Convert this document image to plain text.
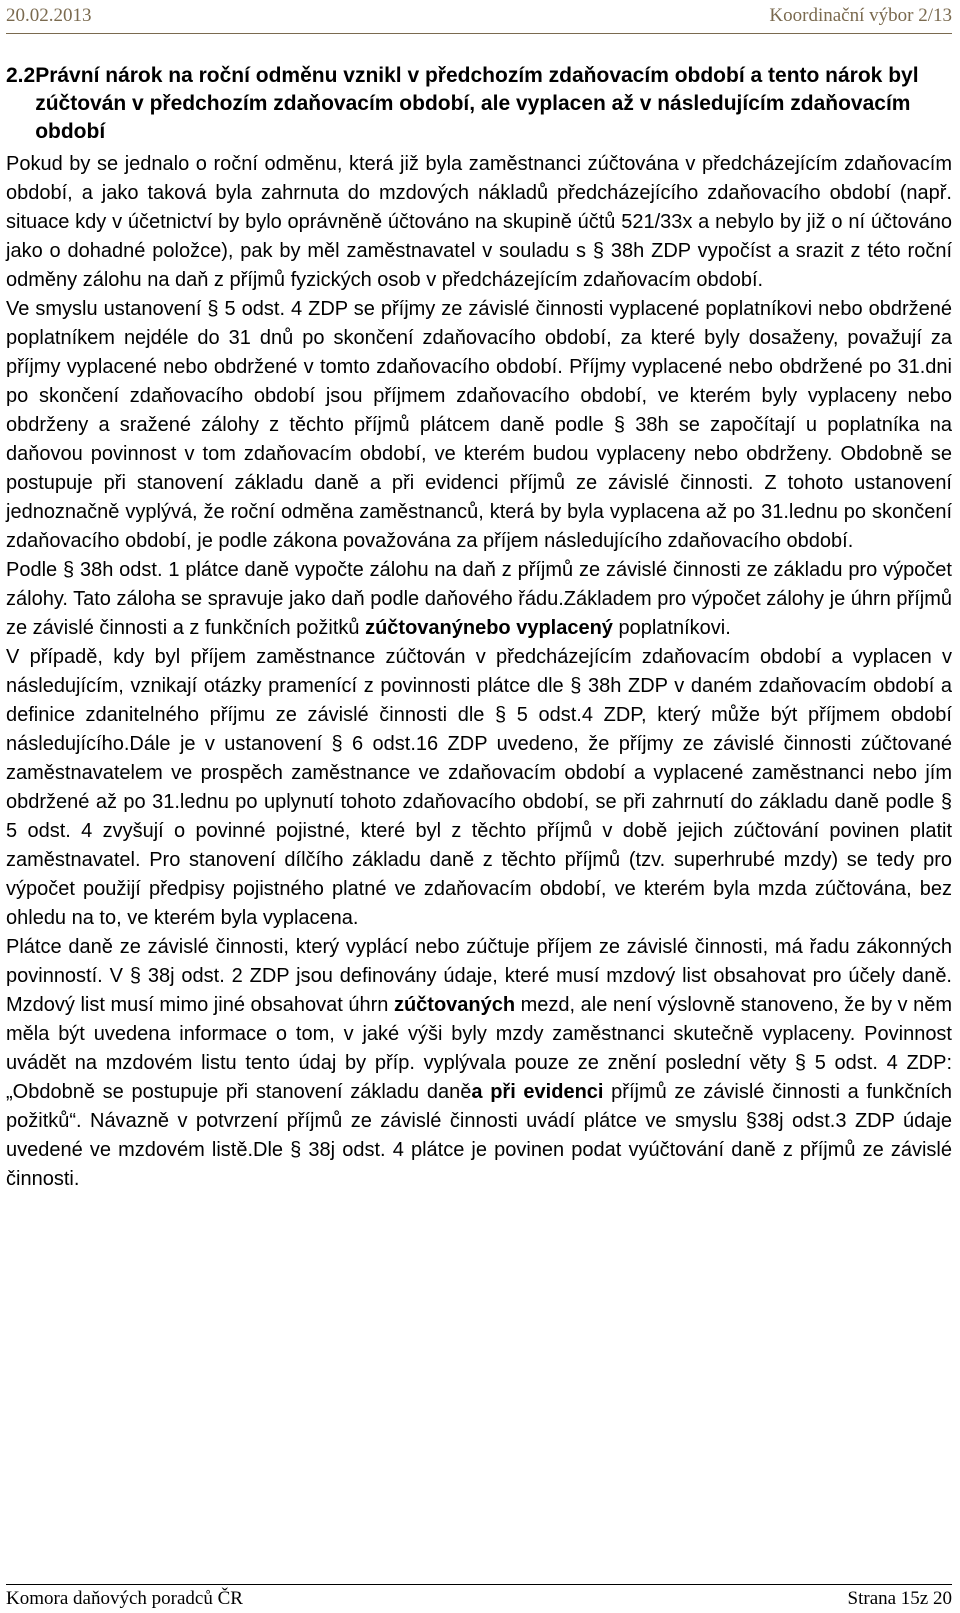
20.02.2013	Koordinační výbor 2/13
2.2 Právní nárok na roční odměnu vznikl v předchozím zdaňovacím období a tento nárok byl zúčtován v předchozím zdaňovacím období, ale vyplacen až v následujícím zdaňovacím období

Pokud by se jednalo o roční odměnu, která již byla zaměstnanci zúčtována v předcházejícím zdaňovacím období, a jako taková byla zahrnuta do mzdových nákladů předcházejícího zdaňovacího období (např. situace kdy v účetnictví by bylo oprávněně účtováno na skupině účtů 521/33x a nebylo by již o ní účtováno jako o dohadné položce), pak by měl zaměstnavatel v souladu s § 38h ZDP vypočíst a srazit z této roční odměny zálohu na daň z příjmů fyzických osob v předcházejícím zdaňovacím období.

Ve smyslu ustanovení § 5 odst. 4 ZDP se příjmy ze závislé činnosti vyplacené poplatníkovi nebo obdržené poplatníkem nejdéle do 31 dnů po skončení zdaňovacího období, za které byly dosaženy, považují za příjmy vyplacené nebo obdržené v tomto zdaňovacího období. Příjmy vyplacené nebo obdržené po 31.dni po skončení zdaňovacího období jsou příjmem zdaňovacího období, ve kterém byly vyplaceny nebo obdrženy a sražené zálohy z těchto příjmů plátcem daně podle § 38h se započítají u poplatníka na daňovou povinnost v tom zdaňovacím období, ve kterém budou vyplaceny nebo obdrženy. Obdobně se postupuje při stanovení základu daně a při evidenci příjmů ze závislé činnosti. Z tohoto ustanovení jednoznačně vyplývá, že roční odměna zaměstnanců, která by byla vyplacena až po 31.lednu po skončení zdaňovacího období, je podle zákona považována za příjem následujícího zdaňovacího období.

Podle § 38h odst. 1 plátce daně vypočte zálohu na daň z příjmů ze závislé činnosti ze základu pro výpočet zálohy. Tato záloha se spravuje jako daň podle daňového řádu.Základem pro výpočet zálohy je úhrn příjmů ze závislé činnosti a z funkčních požitků zúčtovanýnebo vyplacený poplatníkovi.

V případě, kdy byl příjem zaměstnance zúčtován v předcházejícím zdaňovacím období a vyplacen v následujícím, vznikají otázky pramenící z povinnosti plátce dle § 38h ZDP v daném zdaňovacím období a definice zdanitelného příjmu ze závislé činnosti dle § 5 odst.4 ZDP, který může být příjmem období následujícího.Dále je v ustanovení § 6 odst.16 ZDP uvedeno, že příjmy ze závislé činnosti zúčtované zaměstnavatelem ve prospěch zaměstnance ve zdaňovacím období a vyplacené zaměstnanci nebo jím obdržené až po 31.lednu po uplynutí tohoto zdaňovacího období, se při zahrnutí do základu daně podle § 5 odst. 4 zvyšují o povinné pojistné, které byl z těchto příjmů v době jejich zúčtování povinen platit zaměstnavatel. Pro stanovení dílčího základu daně z těchto příjmů (tzv. superhrubé mzdy) se tedy pro výpočet použijí předpisy pojistného platné ve zdaňovacím období, ve kterém byla mzda zúčtována, bez ohledu na to, ve kterém byla vyplacena.

Plátce daně ze závislé činnosti, který vyplácí nebo zúčtuje příjem ze závislé činnosti, má řadu zákonných povinností. V § 38j odst. 2 ZDP jsou definovány údaje, které musí mzdový list obsahovat pro účely daně. Mzdový list musí mimo jiné obsahovat úhrn zúčtovaných mezd, ale není výslovně stanoveno, že by v něm měla být uvedena informace o tom, v jaké výši byly mzdy zaměstnanci skutečně vyplaceny. Povinnost uvádět na mzdovém listu tento údaj by příp. vyplývala pouze ze znění poslední věty § 5 odst. 4 ZDP: „Obdobně se postupuje při stanovení základu daněa při evidenci příjmů ze závislé činnosti a funkčních požitků“. Návazně v potvrzení příjmů ze závislé činnosti uvádí plátce ve smyslu §38j odst.3 ZDP údaje uvedené ve mzdovém listě.Dle § 38j odst. 4 plátce je povinen podat vyúčtování daně z příjmů ze závislé činnosti.

Komora daňových poradců ČR	Strana 15z 20
